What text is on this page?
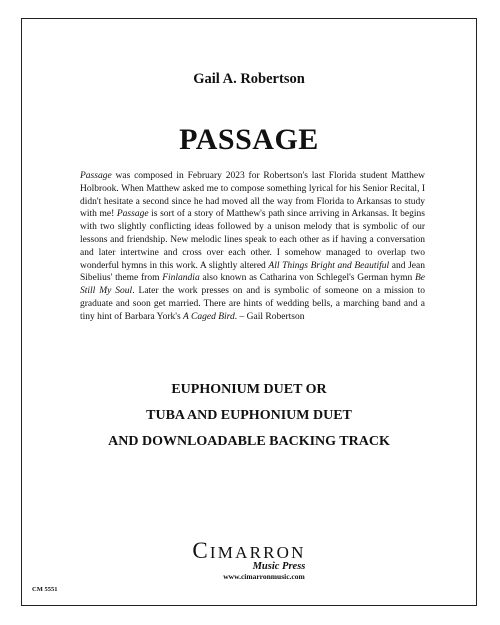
Gail A. Robertson
PASSAGE

Passage was composed in February 2023 for Robertson's last Florida student Matthew Holbrook. When Matthew asked me to compose something lyrical for his Senior Recital, I didn't hesitate a second since he had moved all the way from Florida to Arkansas to study with me! Passage is sort of a story of Matthew's path since arriving in Arkansas. It begins with two slightly conflicting ideas followed by a unison melody that is symbolic of our lessons and friendship. New melodic lines speak to each other as if having a conversation and later intertwine and cross over each other. I somehow managed to overlap two wonderful hymns in this work. A slightly altered All Things Bright and Beautiful and Jean Sibelius' theme from Finlandia also known as Catharina von Schlegel's German hymn Be Still My Soul. Later the work presses on and is symbolic of someone on a mission to graduate and soon get married. There are hints of wedding bells, a marching band and a tiny hint of Barbara York's A Caged Bird. – Gail Robertson

EUPHONIUM DUET OR
TUBA AND EUPHONIUM DUET
AND DOWNLOADABLE BACKING TRACK
CM 5551
CIMARRON
Music Press
www.cimarronmusic.com
